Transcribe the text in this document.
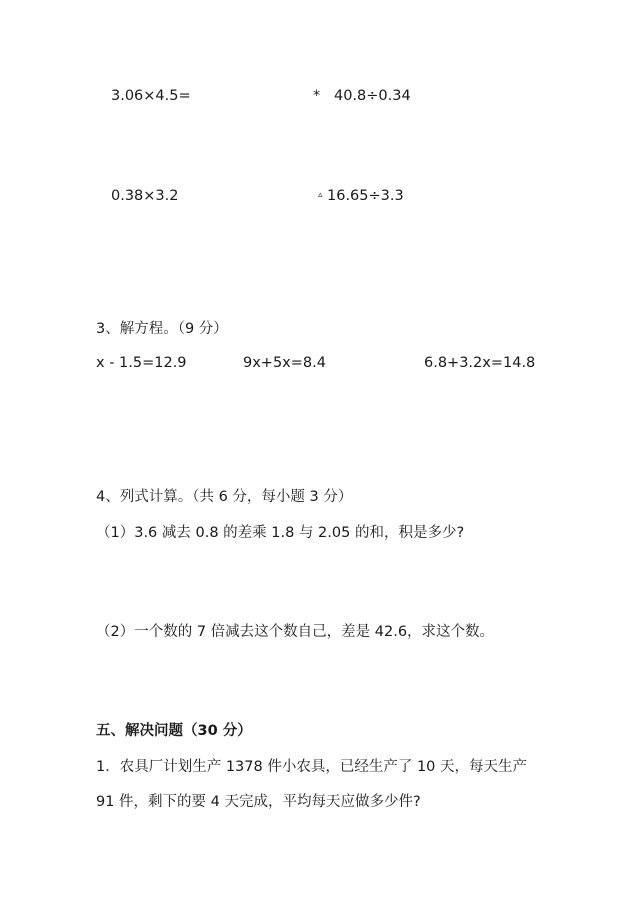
3.06×4.5=	* 40.8÷0.34
0.38×3.2	▵ 16.65÷3.3
3、解方程。（9 分）
x - 1.5=12.9	9x+5x=8.4	6.8+3.2x=14.8
4、列式计算。（共 6 分，每小题 3 分）
（1）3.6 减去 0.8 的差乘 1.8 与 2.05 的和，积是多少?
（2）一个数的 7 倍减去这个数自己，差是 42.6，求这个数。
五、解决问题（30 分）
1．农具厂计划生产 1378 件小农具，已经生产了 10 天，每天生产
91 件，剩下的要 4 天完成，平均每天应做多少件?
